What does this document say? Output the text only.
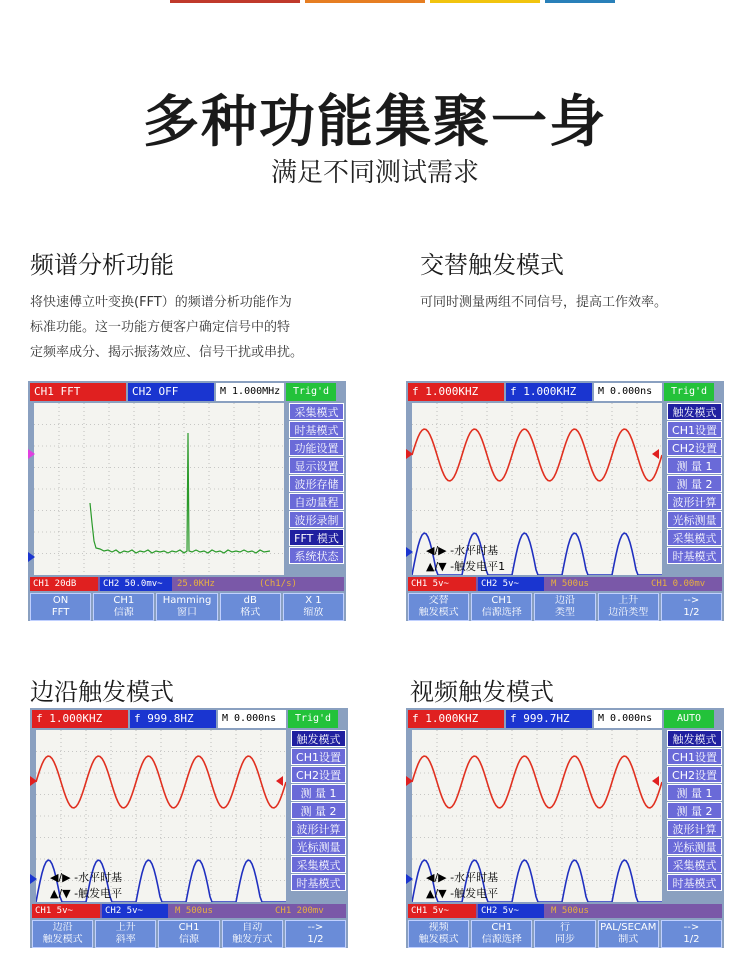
多种功能集聚一身
满足不同测试需求
频谱分析功能
将快速傅立叶变换(FFT）的频谱分析功能作为
标准功能。这一功能方便客户确定信号中的特
定频率成分、揭示振荡效应、信号干扰或串扰。
交替触发模式
可同时测量两组不同信号，提高工作效率。
边沿触发模式	视频触发模式
CH1 FFT	CH2 OFF	M 1.000MHz	Trig'd
采集模式
时基模式
功能设置
显示设置
波形存储
自动量程
波形录制
FFT 模式
系统状态
CH1 20dB	CH2 50.0mv~	25.0KHz	(Ch1/s)
ON
FFT
CH1
信源
Hamming
窗口
dB
格式
X 1
缩放
f 1.000KHZ	f 1.000KHZ	M 0.000ns	Trig'd
◀/▶ -水平时基
▲/▼ -触发电平1
触发模式
CH1设置
CH2设置
测 量 1
测 量 2
波形计算
光标测量
采集模式
时基模式
CH1 5v~	CH2 5v~	M 500us	CH1 0.00mv
交替
触发模式
CH1
信源选择
边沿
类型
上升
边沿类型
-->
1/2
f 1.000KHZ	f 999.8HZ	M 0.000ns	Trig'd
◀/▶ -水平时基
▲/▼ -触发电平
触发模式
CH1设置
CH2设置
测 量 1
测 量 2
波形计算
光标测量
采集模式
时基模式
CH1 5v~	CH2 5v~	M 500us	CH1 200mv
边沿
触发模式
上升
斜率
CH1
信源
自动
触发方式
-->
1/2
f 1.000KHZ	f 999.7HZ	M 0.000ns	AUTO
◀/▶ -水平时基
▲/▼ -触发电平
触发模式
CH1设置
CH2设置
测 量 1
测 量 2
波形计算
光标测量
采集模式
时基模式
CH1 5v~	CH2 5v~	M 500us
视频
触发模式
CH1
信源选择
行
同步
PAL/SECAM
制式
-->
1/2
